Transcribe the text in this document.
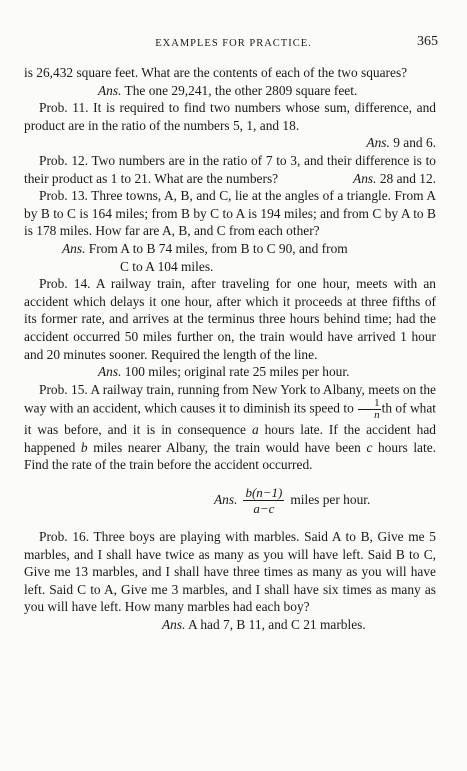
EXAMPLES FOR PRACTICE.	365

is 26,432 square feet. What are the contents of each of the two squares?

Ans. The one 29,241, the other 2809 square feet.

Prob. 11. It is required to find two numbers whose sum, difference, and product are in the ratio of the numbers 5, 1, and 18.

Ans. 9 and 6.

Prob. 12. Two numbers are in the ratio of 7 to 3, and their difference is to their product as 1 to 21. What are the numbers?	Ans. 28 and 12.

Prob. 13. Three towns, A, B, and C, lie at the angles of a triangle. From A by B to C is 164 miles; from B by C to A is 194 miles; and from C by A to B is 178 miles. How far are A, B, and C from each other?

Ans. From A to B 74 miles, from B to C 90, and from

C to A 104 miles.

Prob. 14. A railway train, after traveling for one hour, meets with an accident which delays it one hour, after which it proceeds at three fifths of its former rate, and arrives at the terminus three hours behind time; had the accident occurred 50 miles further on, the train would have arrived 1 hour and 20 minutes sooner. Required the length of the line.

Ans. 100 miles; original rate 25 miles per hour.

Prob. 15. A railway train, running from New York to Albany, meets on the way with an accident, which causes it to diminish its speed to $\frac{1}{n}$ th of what it was before, and it is in consequence a hours late. If the accident had happened b miles nearer Albany, the train would have been c hours late. Find the rate of the train before the accident occurred.

Ans. $\frac{b(n-1)}{a-c}$ miles per hour.

Prob. 16. Three boys are playing with marbles. Said A to B, Give me 5 marbles, and I shall have twice as many as you will have left. Said B to C, Give me 13 marbles, and I shall have three times as many as you will have left. Said C to A, Give me 3 marbles, and I shall have six times as many as you will have left. How many marbles had each boy?

Ans. A had 7, B 11, and C 21 marbles.
